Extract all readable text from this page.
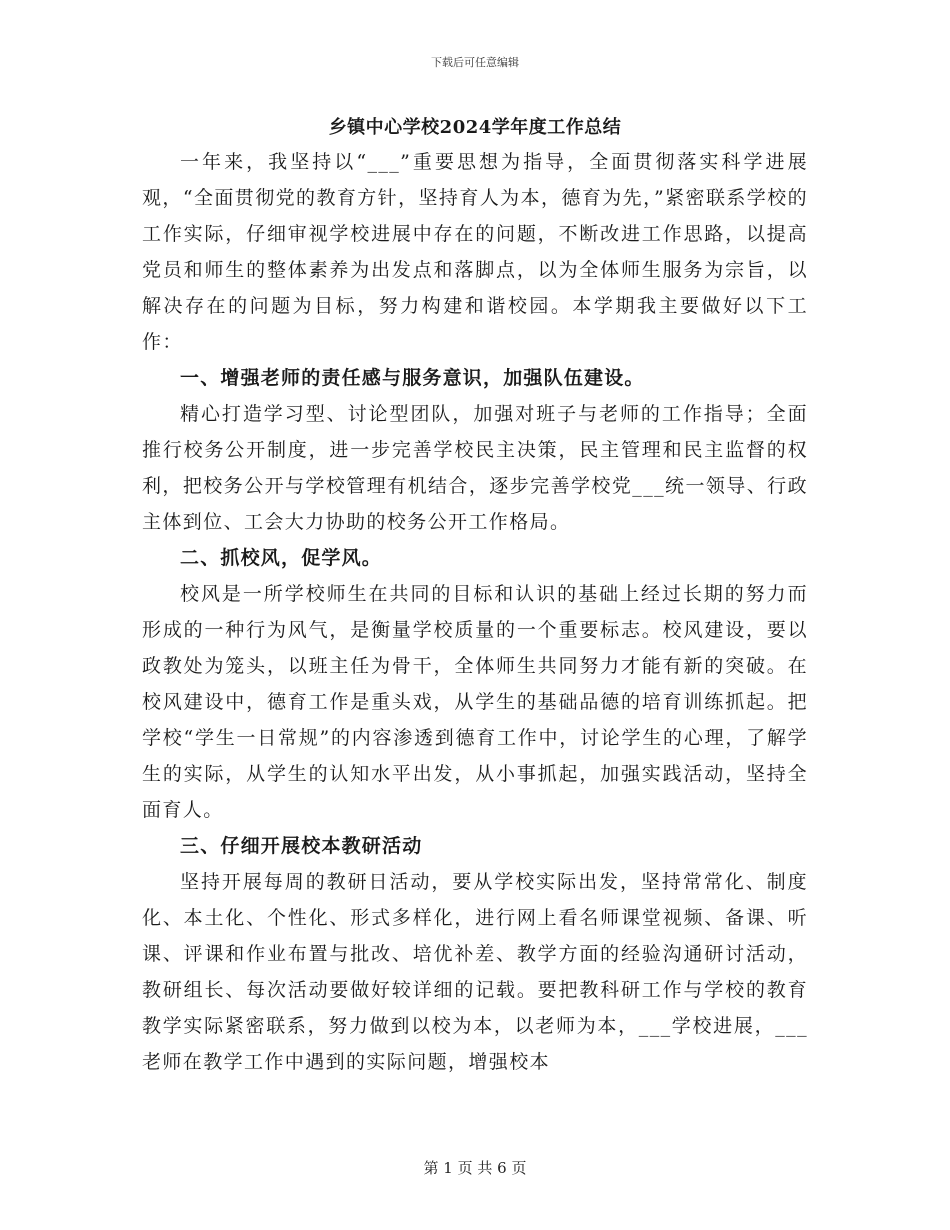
下载后可任意编辑
乡镇中心学校2024学年度工作总结

一年来，我坚持以“___”重要思想为指导，全面贯彻落实科学进展观，“全面贯彻党的教育方针，坚持育人为本，德育为先，”紧密联系学校的工作实际，仔细审视学校进展中存在的问题，不断改进工作思路，以提高党员和师生的整体素养为出发点和落脚点，以为全体师生服务为宗旨，以解决存在的问题为目标，努力构建和谐校园。本学期我主要做好以下工作：

一、增强老师的责任感与服务意识，加强队伍建设。

精心打造学习型、讨论型团队，加强对班子与老师的工作指导；全面推行校务公开制度，进一步完善学校民主决策，民主管理和民主监督的权利，把校务公开与学校管理有机结合，逐步完善学校党___统一领导、行政主体到位、工会大力协助的校务公开工作格局。

二、抓校风，促学风。

校风是一所学校师生在共同的目标和认识的基础上经过长期的努力而形成的一种行为风气，是衡量学校质量的一个重要标志。校风建设，要以政教处为笼头，以班主任为骨干，全体师生共同努力才能有新的突破。在校风建设中，德育工作是重头戏，从学生的基础品德的培育训练抓起。把学校“学生一日常规”的内容渗透到德育工作中，讨论学生的心理，了解学生的实际，从学生的认知水平出发，从小事抓起，加强实践活动，坚持全面育人。

三、仔细开展校本教研活动

坚持开展每周的教研日活动，要从学校实际出发，坚持常常化、制度化、本土化、个性化、形式多样化，进行网上看名师课堂视频、备课、听课、评课和作业布置与批改、培优补差、教学方面的经验沟通研讨活动，教研组长、每次活动要做好较详细的记载。要把教科研工作与学校的教育教学实际紧密联系，努力做到以校为本，以老师为本，___学校进展，___老师在教学工作中遇到的实际问题，增强校本

第 1 页 共 6 页
